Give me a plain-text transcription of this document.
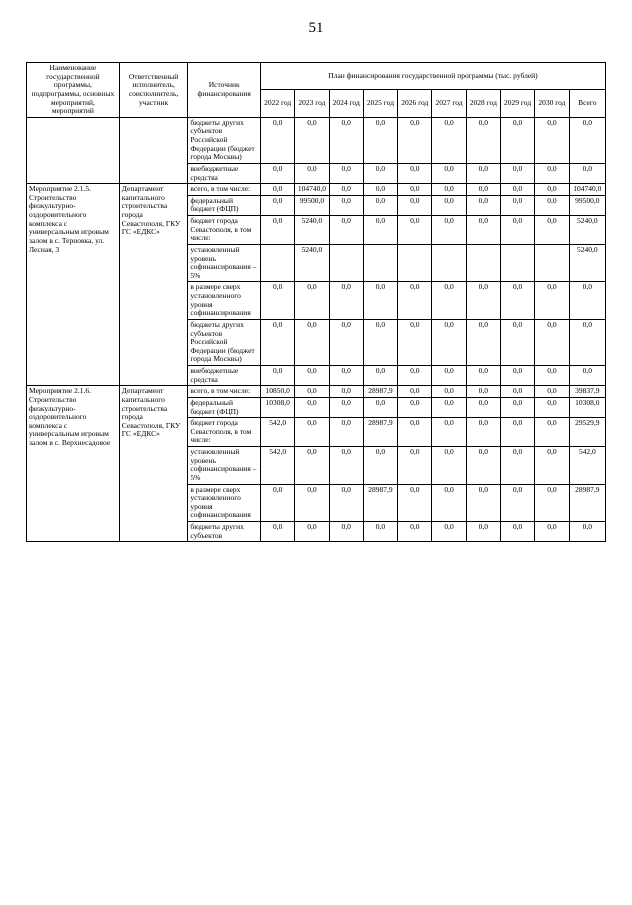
51
Наименование государственной программы, подпрограммы, основных мероприятий, мероприятий	Ответственный исполнитель, соисполнитель, участник	Источник финансирования	План финансирования государственной программы (тыс. рублей)									
			2022 год	2023 год	2024 год	2025 год	2026 год	2027 год	2028 год	2029 год	2030 год	Всего
		бюджеты других субъектов Российской Федерации (бюджет города Москвы)	0,0	0,0	0,0	0,0	0,0	0,0	0,0	0,0	0,0	0,0
		внебюджетные средства	0,0	0,0	0,0	0,0	0,0	0,0	0,0	0,0	0,0	0,0
Мероприятие 2.1.5. Строительство физкультурно-оздоровительного комплекса с универсальным игровым залом в с. Терновка, ул. Лесная, 3	Департамент капитального строительства города Севастополя, ГКУ ГС «ЕДКС»	всего, в том числе:	0,0	104740,0	0,0	0,0	0,0	0,0	0,0	0,0	0,0	104740,0
		федеральный бюджет (ФЦП)	0,0	99500,0	0,0	0,0	0,0	0,0	0,0	0,0	0,0	99500,0
		бюджет города Севастополя, в том числе:	0,0	5240,0	0,0	0,0	0,0	0,0	0,0	0,0	0,0	5240,0
		установленный уровень софинансирования – 5%		5240,0								5240,0
		в размере сверх установленного уровня софинансирования	0,0	0,0	0,0	0,0	0,0	0,0	0,0	0,0	0,0	0,0
		бюджеты других субъектов Российской Федерации (бюджет города Москвы)	0,0	0,0	0,0	0,0	0,0	0,0	0,0	0,0	0,0	0,0
		внебюджетные средства	0,0	0,0	0,0	0,0	0,0	0,0	0,0	0,0	0,0	0,0
Мероприятие 2.1.6. Строительство физкультурно-оздоровительного комплекса с универсальным игровым залом в с. Верхнесадовое	Департамент капитального строительства города Севастополя, ГКУ ГС «ЕДКС»	всего, в том числе:	10850,0	0,0	0,0	28987,9	0,0	0,0	0,0	0,0	0,0	39837,9
		федеральный бюджет (ФЦП)	10308,0	0,0	0,0	0,0	0,0	0,0	0,0	0,0	0,0	10308,0
		бюджет города Севастополя, в том числе:	542,0	0,0	0,0	28987,9	0,0	0,0	0,0	0,0	0,0	29529,9
		установленный уровень софинансирования – 5%	542,0	0,0	0,0	0,0	0,0	0,0	0,0	0,0	0,0	542,0
		в размере сверх установленного уровня софинансирования	0,0	0,0	0,0	28987,9	0,0	0,0	0,0	0,0	0,0	28987,9
		бюджеты других субъектов	0,0	0,0	0,0	0,0	0,0	0,0	0,0	0,0	0,0	0,0
